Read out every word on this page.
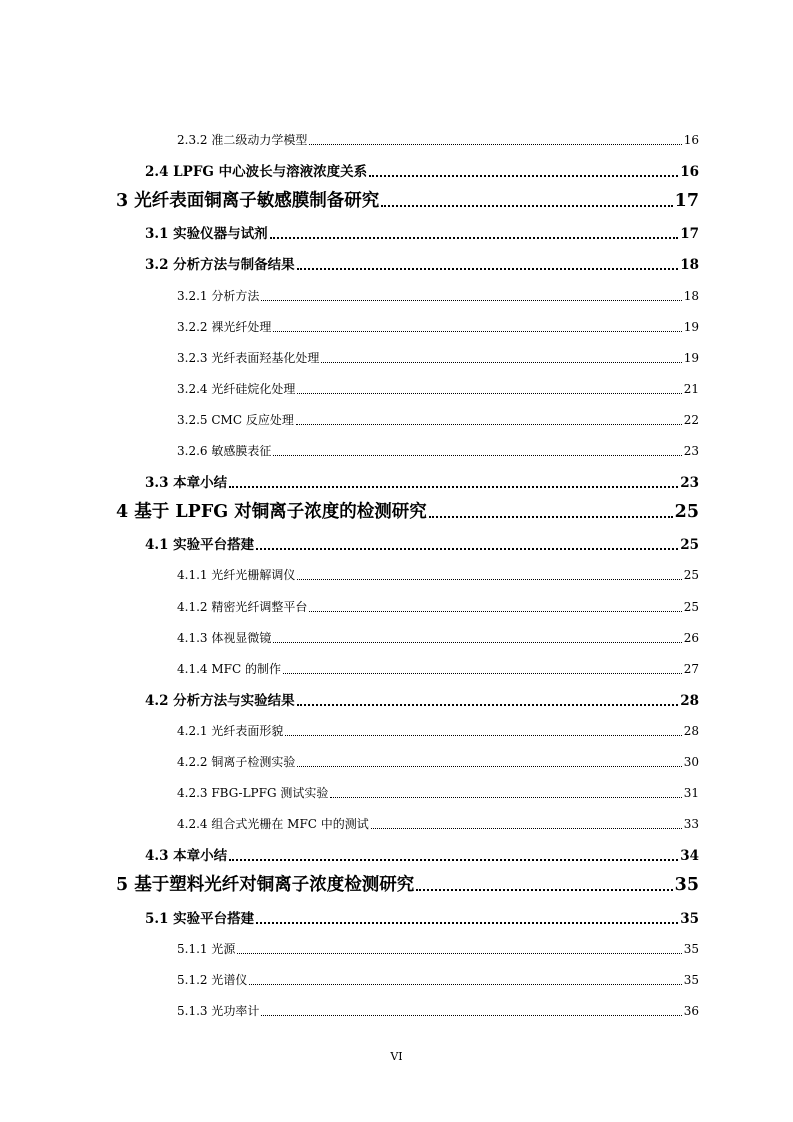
2.3.2 准二级动力学模型	16
2.4 LPFG 中心波长与溶液浓度关系	16
3 光纤表面铜离子敏感膜制备研究	17
3.1 实验仪器与试剂	17
3.2 分析方法与制备结果	18
3.2.1 分析方法	18
3.2.2 裸光纤处理	19
3.2.3 光纤表面羟基化处理	19
3.2.4 光纤硅烷化处理	21
3.2.5 CMC 反应处理	22
3.2.6 敏感膜表征	23
3.3 本章小结	23
4 基于 LPFG 对铜离子浓度的检测研究	25
4.1 实验平台搭建	25
4.1.1 光纤光栅解调仪	25
4.1.2 精密光纤调整平台	25
4.1.3 体视显微镜	26
4.1.4 MFC 的制作	27
4.2 分析方法与实验结果	28
4.2.1 光纤表面形貌	28
4.2.2 铜离子检测实验	30
4.2.3 FBG-LPFG 测试实验	31
4.2.4 组合式光栅在 MFC 中的测试	33
4.3 本章小结	34
5 基于塑料光纤对铜离子浓度检测研究	35
5.1 实验平台搭建	35
5.1.1 光源	35
5.1.2 光谱仪	35
5.1.3 光功率计	36
VI
